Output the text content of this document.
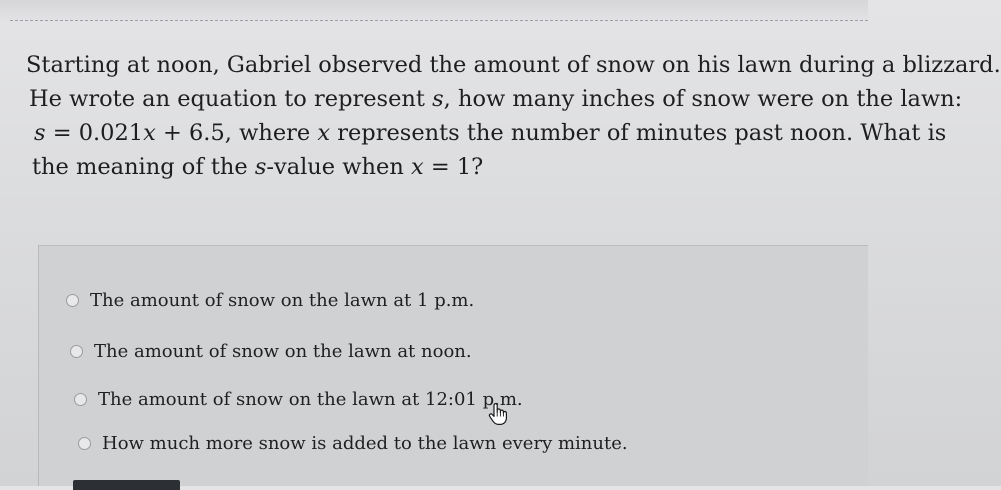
Starting at noon, Gabriel observed the amount of snow on his lawn during a blizzard.
He wrote an equation to represent s, how many inches of snow were on the lawn:
s = 0.021x + 6.5, where x represents the number of minutes past noon. What is
the meaning of the s-value when x = 1?
The amount of snow on the lawn at 1 p.m.
The amount of snow on the lawn at noon.
The amount of snow on the lawn at 12:01 p.m.
How much more snow is added to the lawn every minute.
